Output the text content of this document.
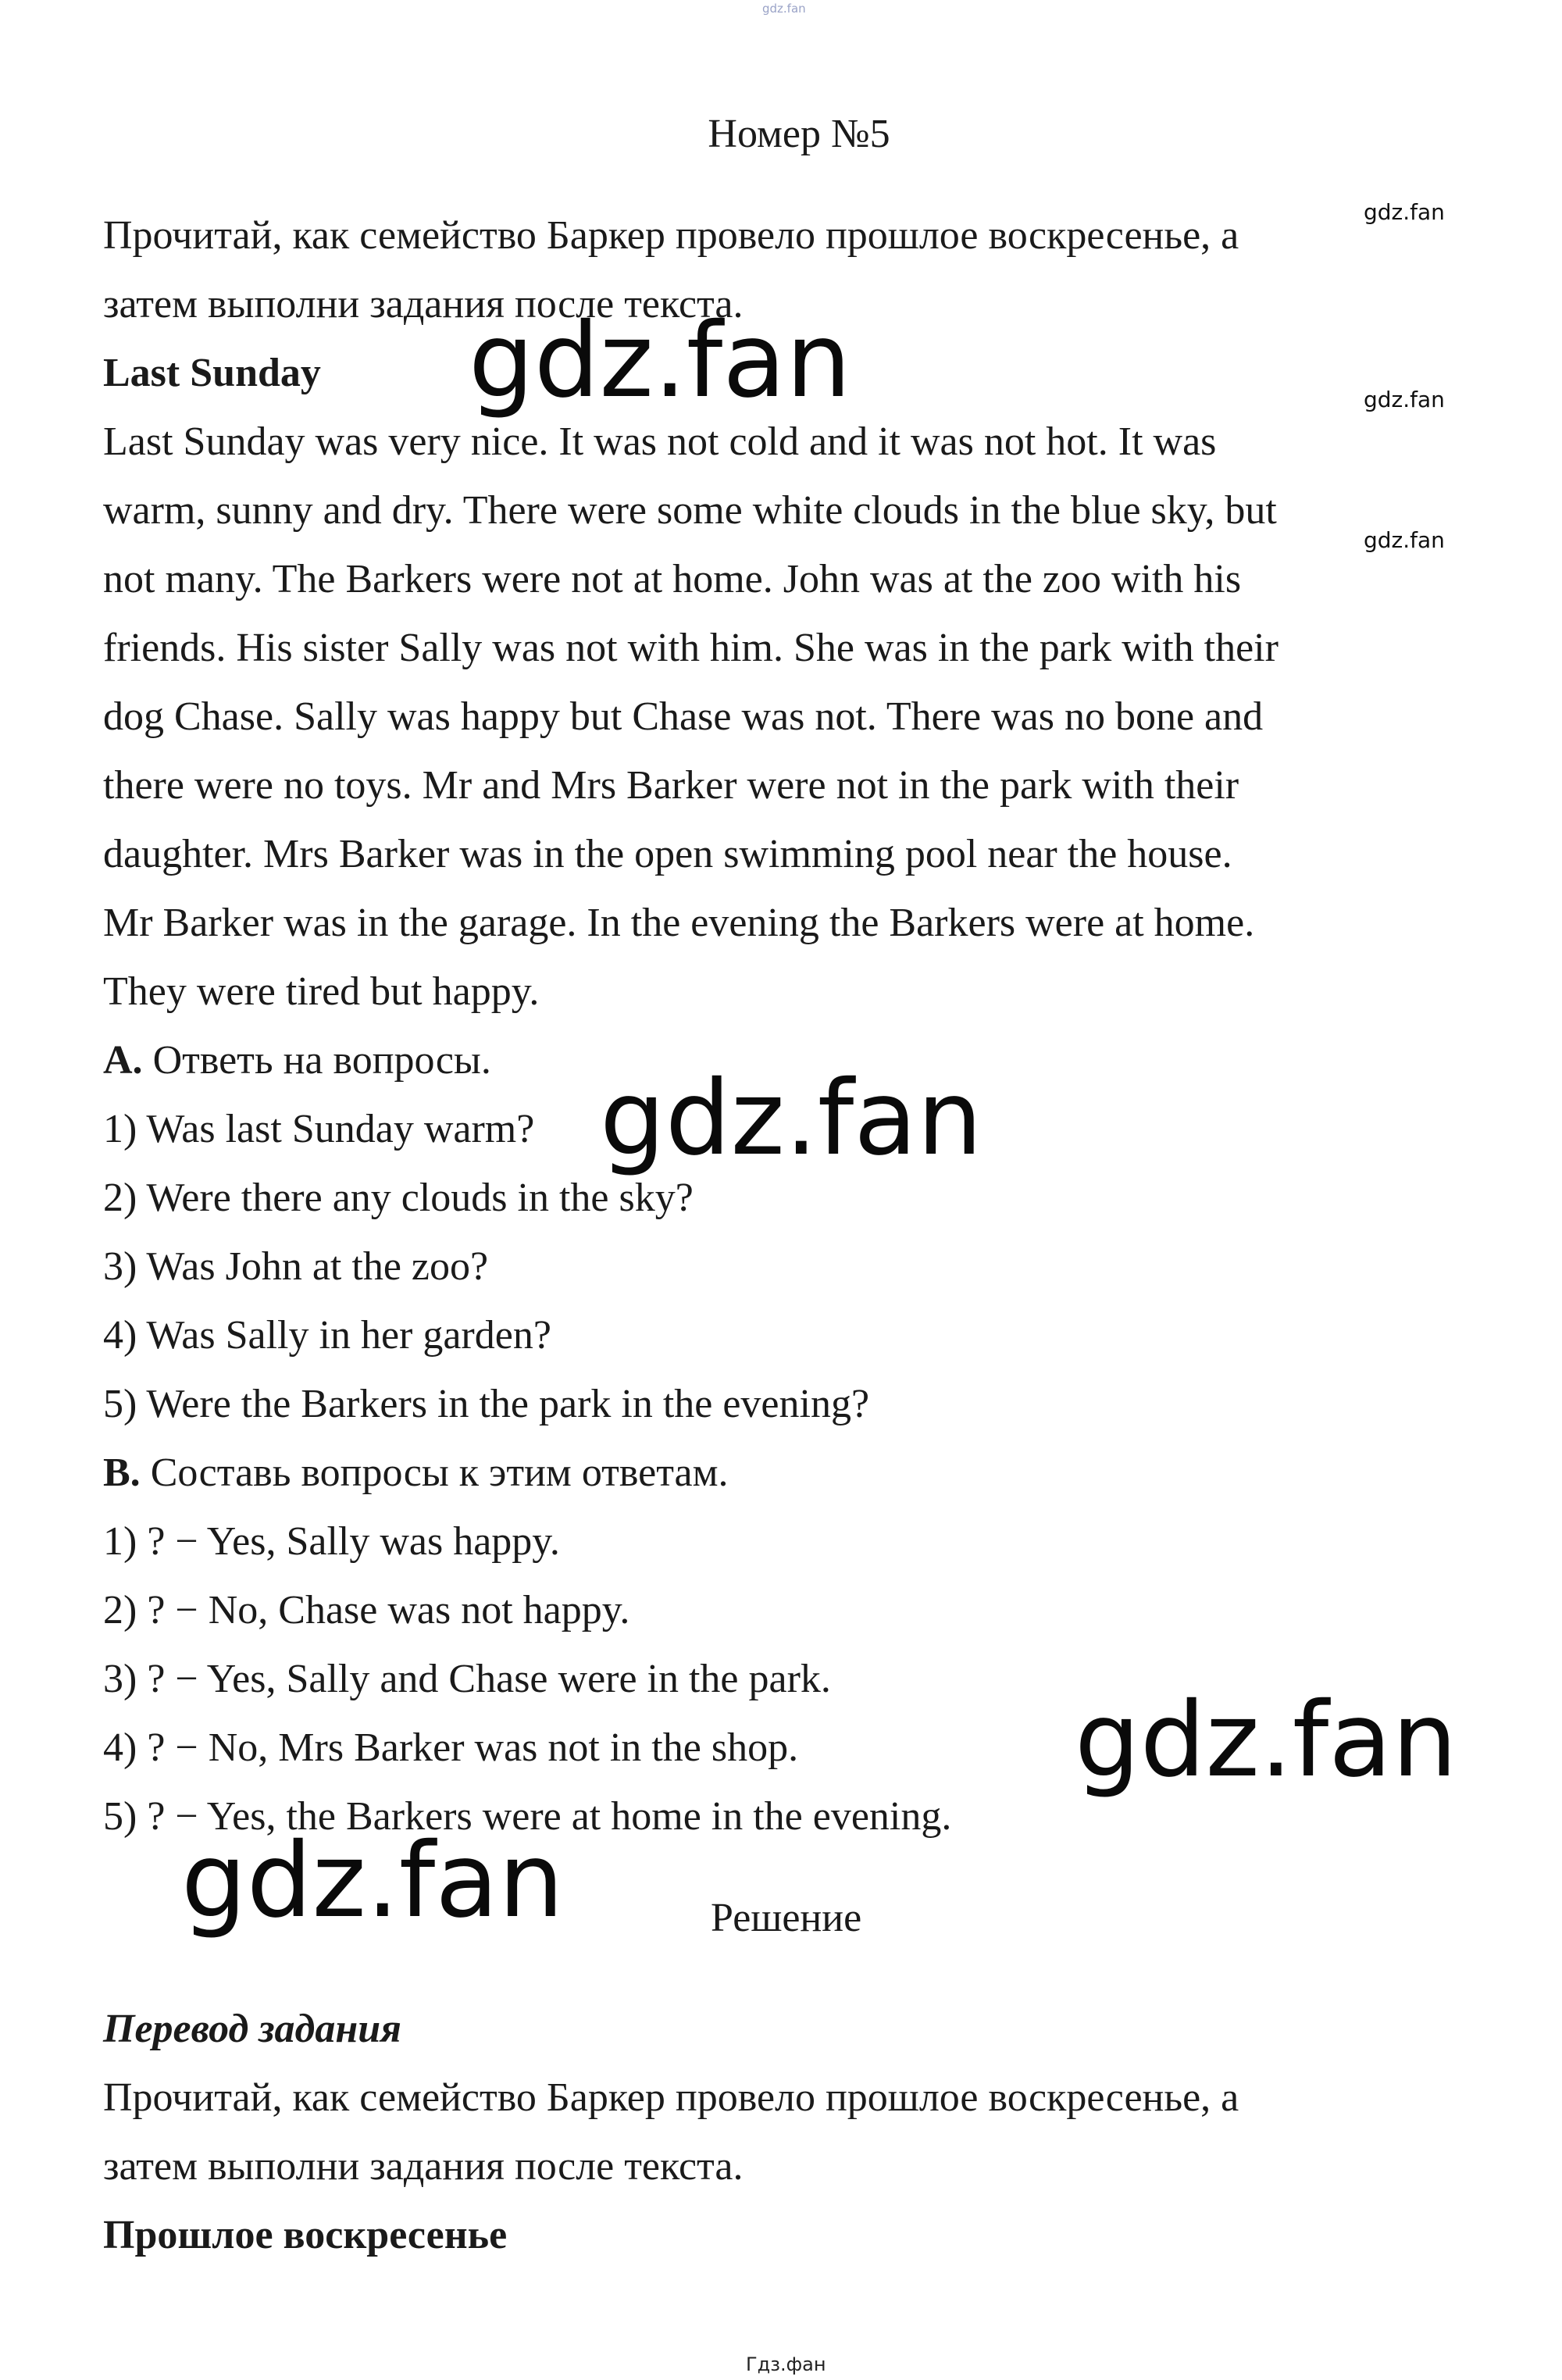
gdz.fan
Номер №5
Прочитай, как семейство Баркер провело прошлое воскресенье, а
затем выполни задания после текста.
Last Sunday
Last Sunday was very nice. It was not cold and it was not hot. It was
warm, sunny and dry. There were some white clouds in the blue sky, but
not many. The Barkers were not at home. John was at the zoo with his
friends. His sister Sally was not with him. She was in the park with their
dog Chase. Sally was happy but Chase was not. There was no bone and
there were no toys. Mr and Mrs Barker were not in the park with their
daughter. Mrs Barker was in the open swimming pool near the house.
Mr Barker was in the garage. In the evening the Barkers were at home.
They were tired but happy.
A. Ответь на вопросы.
1) Was last Sunday warm?
2) Were there any clouds in the sky?
3) Was John at the zoo?
4) Was Sally in her garden?
5) Were the Barkers in the park in the evening?
B. Составь вопросы к этим ответам.
1) ? − Yes, Sally was happy.
2) ? − No, Chase was not happy.
3) ? − Yes, Sally and Chase were in the park.
4) ? − No, Mrs Barker was not in the shop.
5) ? − Yes, the Barkers were at home in the evening.
Решение
Перевод задания
Прочитай, как семейство Баркер провело прошлое воскресенье, а
затем выполни задания после текста.
Прошлое воскресенье
Гдз.фан
gdz.fan
gdz.fan
gdz.fan
gdz.fan
gdz.fan
gdz.fan
gdz.fan
